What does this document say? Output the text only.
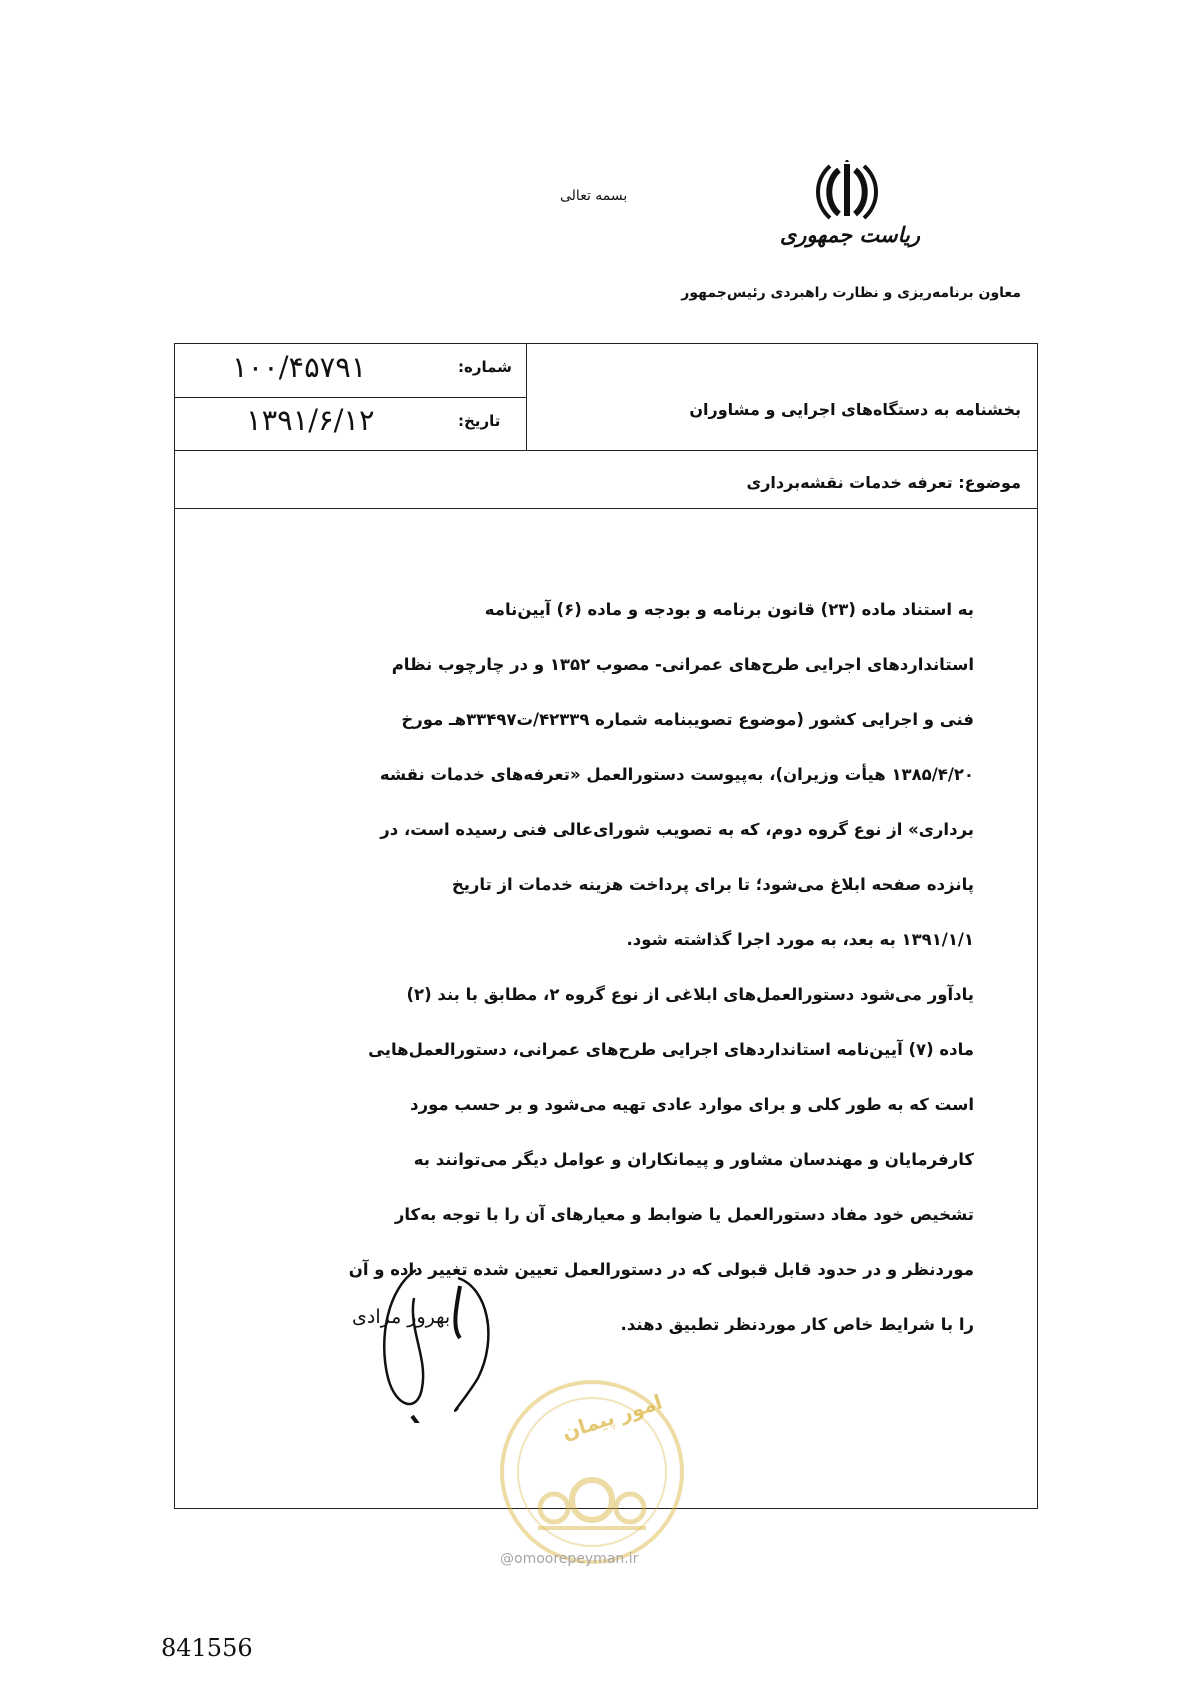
بسمه تعالی
ریاست جمهوری
معاون برنامه‌ریزی و نظارت راهبردی رئیس‌جمهور
شماره:
۱۰۰/۴۵۷۹۱
تاریخ:
۱۳۹۱/۶/۱۲	بخشنامه به دستگاه‌های اجرایی و مشاوران
موضوع: تعرفه خدمات نقشه‌برداری
به استناد ماده (۲۳) قانون برنامه و بودجه و ماده (۶) آیین‌نامه
استانداردهای اجرایی طرح‌های عمرانی- مصوب ۱۳۵۲ و در چارچوب نظام
فنی و اجرایی کشور (موضوع تصویبنامه شماره ۴۲۳۳۹/ت۳۳۴۹۷هـ مورخ
۱۳۸۵/۴/۲۰ هیأت وزیران)، به‌پیوست دستورالعمل «تعرفه‌های خدمات نقشه
برداری» از نوع گروه دوم، که به تصویب شورای‌عالی فنی رسیده است، در
پانزده صفحه ابلاغ می‌شود؛ تا برای پرداخت هزینه خدمات از تاریخ
۱۳۹۱/۱/۱ به بعد، به مورد اجرا گذاشته شود.
یادآور می‌شود دستورالعمل‌های ابلاغی از نوع گروه ۲، مطابق با بند (۲)
ماده (۷) آیین‌نامه استانداردهای اجرایی طرح‌های عمرانی، دستورالعمل‌هایی
است که به طور کلی و برای موارد عادی تهیه می‌شود و بر حسب مورد
کارفرمایان و مهندسان مشاور و پیمانکاران و عوامل دیگر می‌توانند به
تشخیص خود مفاد دستورالعمل یا ضوابط و معیارهای آن را با توجه به‌کار
موردنظر و در حدود قابل قبولی که در دستورالعمل تعیین شده تغییر داده و آن
را با شرایط خاص کار موردنظر تطبیق دهند.
بهروز مرادی
امور پیمان
@omoorepeyman.ir
841556
